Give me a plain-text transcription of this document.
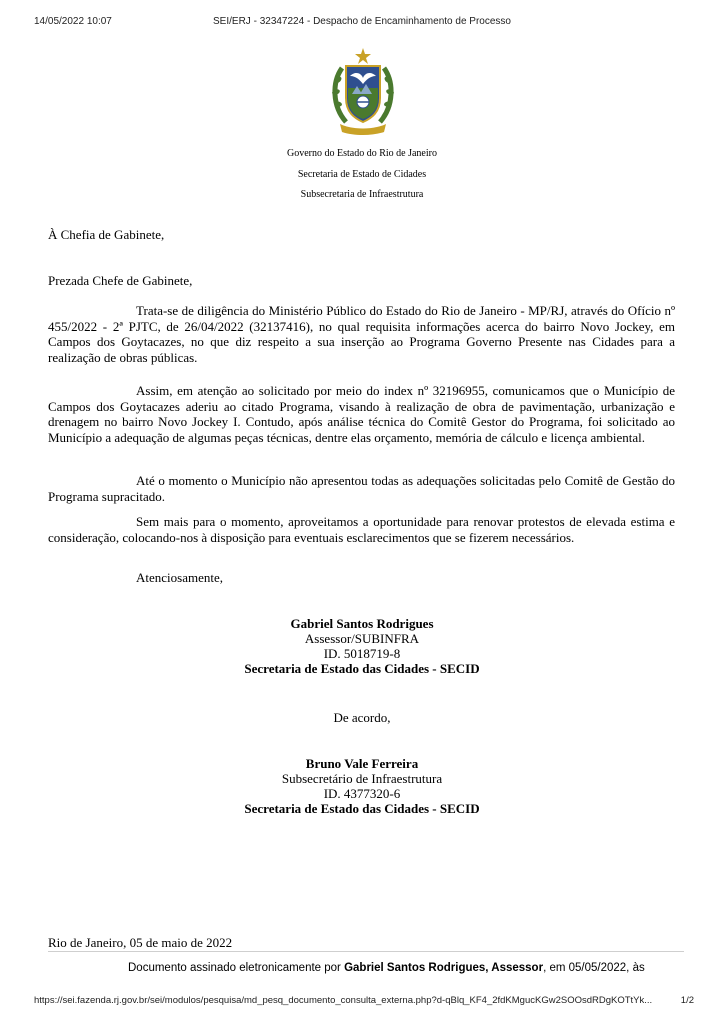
14/05/2022 10:07	SEI/ERJ - 32347224 - Despacho de Encaminhamento de Processo
Governo do Estado do Rio de Janeiro
Secretaria de Estado de Cidades
Subsecretaria de Infraestrutura
À Chefia de Gabinete,
Prezada Chefe de Gabinete,
Trata-se de diligência do Ministério Público do Estado do Rio de Janeiro - MP/RJ, através do Ofício nº 455/2022 - 2ª PJTC, de 26/04/2022 (32137416), no qual requisita informações acerca do bairro Novo Jockey, em Campos dos Goytacazes, no que diz respeito a sua inserção ao Programa Governo Presente nas Cidades para a realização de obras públicas.
Assim, em atenção ao solicitado por meio do index nº 32196955, comunicamos que o Município de Campos dos Goytacazes aderiu ao citado Programa, visando à realização de obra de pavimentação, urbanização e drenagem no bairro Novo Jockey I. Contudo, após análise técnica do Comitê Gestor do Programa, foi solicitado ao Município a adequação de algumas peças técnicas, dentre elas orçamento, memória de cálculo e licença ambiental.
Até o momento o Município não apresentou todas as adequações solicitadas pelo Comitê de Gestão do Programa supracitado.
Sem mais para o momento, aproveitamos a oportunidade para renovar protestos de elevada estima e consideração, colocando-nos à disposição para eventuais esclarecimentos que se fizerem necessários.
Atenciosamente,
Gabriel Santos Rodrigues
Assessor/SUBINFRA
ID. 5018719-8
Secretaria de Estado das Cidades - SECID
De acordo,
Bruno Vale Ferreira
Subsecretário de Infraestrutura
ID. 4377320-6
Secretaria de Estado das Cidades - SECID
Rio de Janeiro, 05 de maio de 2022
Documento assinado eletronicamente por Gabriel Santos Rodrigues, Assessor, em 05/05/2022, às
https://sei.fazenda.rj.gov.br/sei/modulos/pesquisa/md_pesq_documento_consulta_externa.php?d-qBlq_KF4_2fdKMgucKGw2SOOsdRDgKOTtYk...	1/2
